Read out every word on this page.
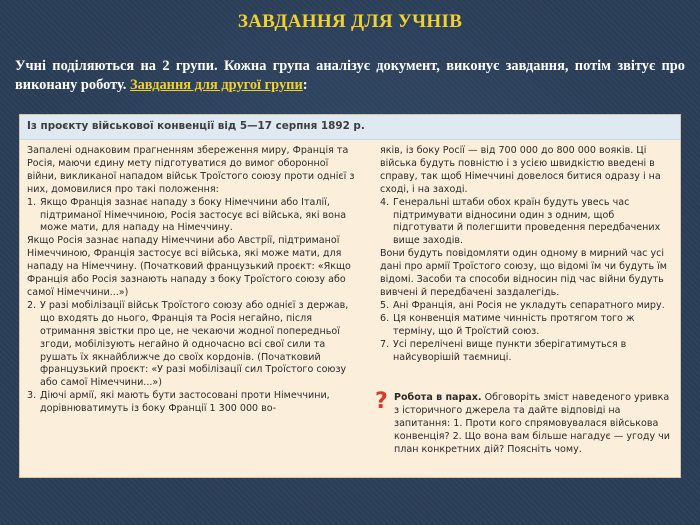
ЗАВДАННЯ ДЛЯ УЧНІВ
Учні поділяються на 2 групи. Кожна група аналізує документ, виконує завдання, потім звітує про виконану роботу. Завдання для другої групи:
Із проєкту військової конвенції від 5—17 серпня 1892 р.

Запалені однаковим прагненням збереження миру, Франція та Росія, маючи єдину мету підготуватися до вимог оборонної війни, викликаної нападом військ Троїстого союзу проти однієї з них, домовилися про такі положення:

1. Якщо Франція зазнає нападу з боку Німеччини або Італії, підтриманої Німеччиною, Росія застосує всі війська, які вона може мати, для нападу на Німеччину.

Якщо Росія зазнає нападу Німеччини або Австрії, підтриманої Німеччиною, Франція застосує всі війська, які може мати, для нападу на Німеччину. (Початковий французький проєкт: «Якщо Франція або Росія зазнають нападу з боку Троїстого союзу або самої Німеччини...»)

2. У разі мобілізації військ Троїстого союзу або однієї з держав, що входять до нього, Франція та Росія негайно, після отримання звістки про це, не чекаючи жодної попередньої згоди, мобілізують негайно й одночасно всі свої сили та рушать їх якнайближче до своїх кордонів. (Початковий французький проєкт: «У разі мобілізації сил Троїстого союзу або самої Німеччини...»)
3. Діючі армії, які мають бути застосовані проти Німеччини, дорівнюватимуть із боку Франції 1 300 000 во-

яків, із боку Росії — від 700 000 до 800 000 вояків. Ці війська будуть повністю і з усією швидкістю введені в справу, так щоб Німеччині довелося битися одразу і на сході, і на заході.

4. Генеральні штаби обох країн будуть увесь час підтримувати відносини один з одним, щоб підготувати й полегшити проведення передбачених вище заходів.

Вони будуть повідомляти один одному в мирний час усі дані про армії Троїстого союзу, що відомі їм чи будуть їм відомі. Засоби та способи відносин під час війни будуть вивчені й передбачені заздалегідь.

5. Ані Франція, ані Росія не укладуть сепаратного миру.
6. Ця конвенція матиме чинність протягом того ж терміну, що й Троїстий союз.
7. Усі перелічені вище пункти зберігатимуться в найсуворішій таємниці.
? Робота в парах. Обговоріть зміст наведеного уривка з історичного джерела та дайте відповіді на запитання: 1. Проти кого спрямовувалася військова конвенція? 2. Що вона вам більше нагадує — угоду чи план конкретних дій? Поясніть чому.
